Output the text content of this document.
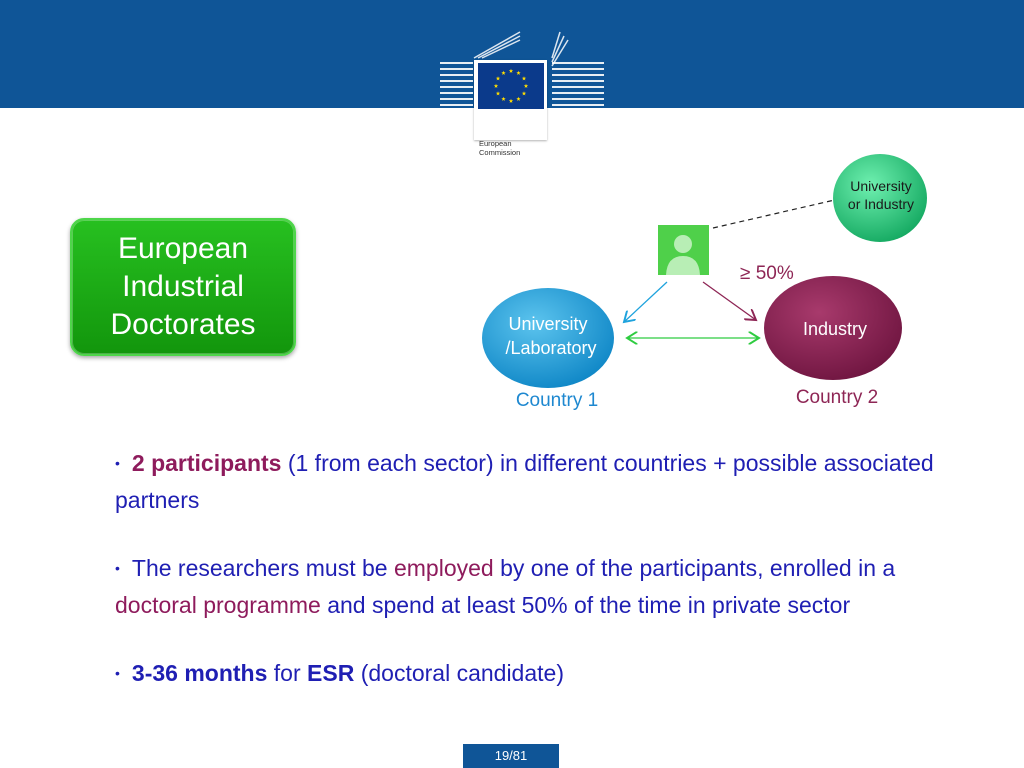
European
Commission
European
Industrial
Doctorates	University
/Laboratory
Industry
University
or Industry
≥ 50%
Country 1	Country 2

• 2 participants (1 from each sector) in different countries + possible associated partners

• The researchers must be employed by one of the participants, enrolled in a doctoral programme and spend at least 50% of the time in private sector

• 3-36 months for ESR (doctoral candidate)

19/81
